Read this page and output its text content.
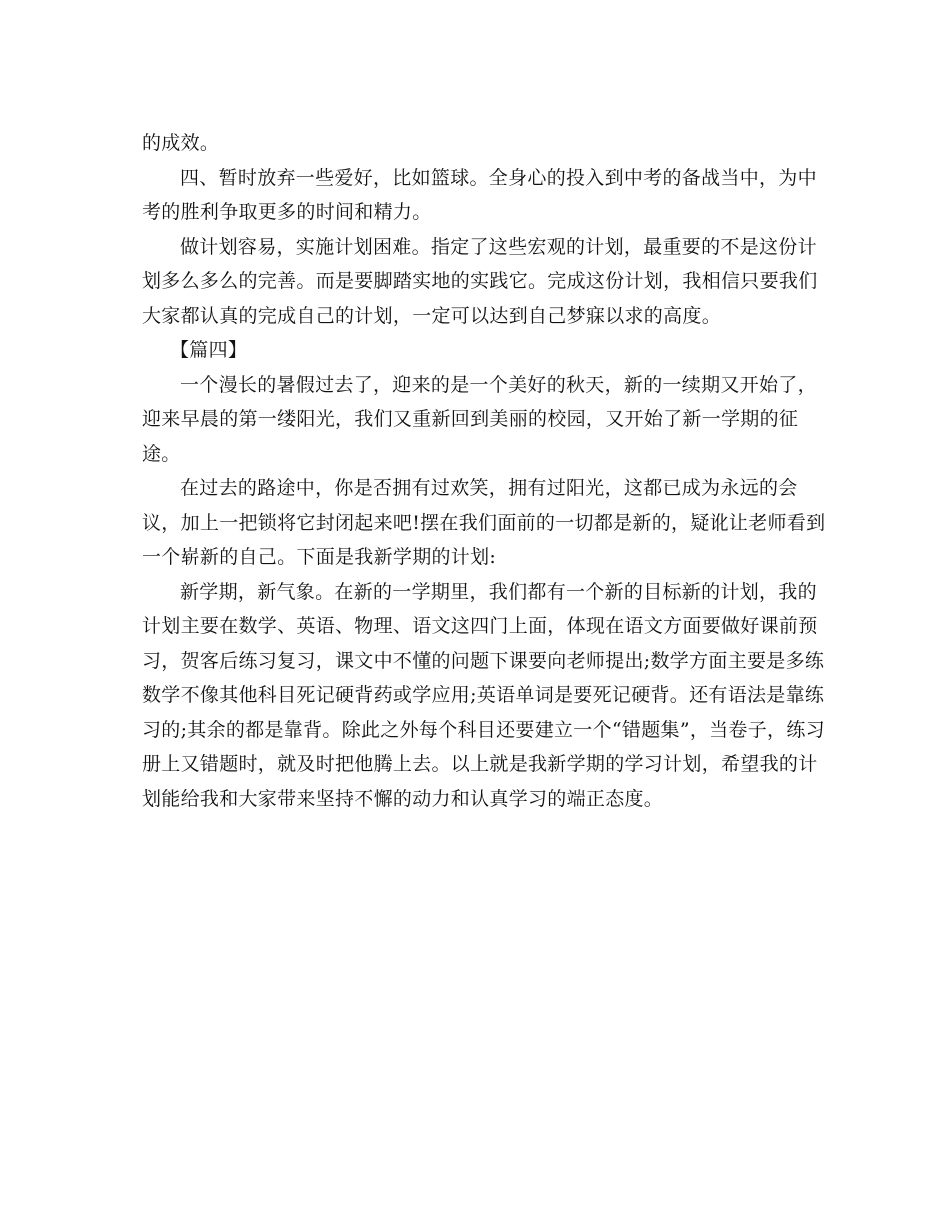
的成效。
四、暂时放弃一些爱好，比如篮球。全身心的投入到中考的备战当中，为中
考的胜利争取更多的时间和精力。
做计划容易，实施计划困难。指定了这些宏观的计划，最重要的不是这份计
划多么多么的完善。而是要脚踏实地的实践它。完成这份计划，我相信只要我们
大家都认真的完成自己的计划，一定可以达到自己梦寐以求的高度。
【篇四】
一个漫长的暑假过去了，迎来的是一个美好的秋天，新的一续期又开始了，
迎来早晨的第一缕阳光，我们又重新回到美丽的校园，又开始了新一学期的征
途。
在过去的路途中，你是否拥有过欢笑，拥有过阳光，这都已成为永远的会
议，加上一把锁将它封闭起来吧!摆在我们面前的一切都是新的，疑讹让老师看到
一个崭新的自己。下面是我新学期的计划:
新学期，新气象。在新的一学期里，我们都有一个新的目标新的计划，我的
计划主要在数学、英语、物理、语文这四门上面，体现在语文方面要做好课前预
习，贺客后练习复习，课文中不懂的问题下课要向老师提出;数学方面主要是多练
数学不像其他科目死记硬背药或学应用;英语单词是要死记硬背。还有语法是靠练
习的;其余的都是靠背。除此之外每个科目还要建立一个“错题集”，当卷子，练习
册上又错题时，就及时把他腾上去。以上就是我新学期的学习计划，希望我的计
划能给我和大家带来坚持不懈的动力和认真学习的端正态度。
